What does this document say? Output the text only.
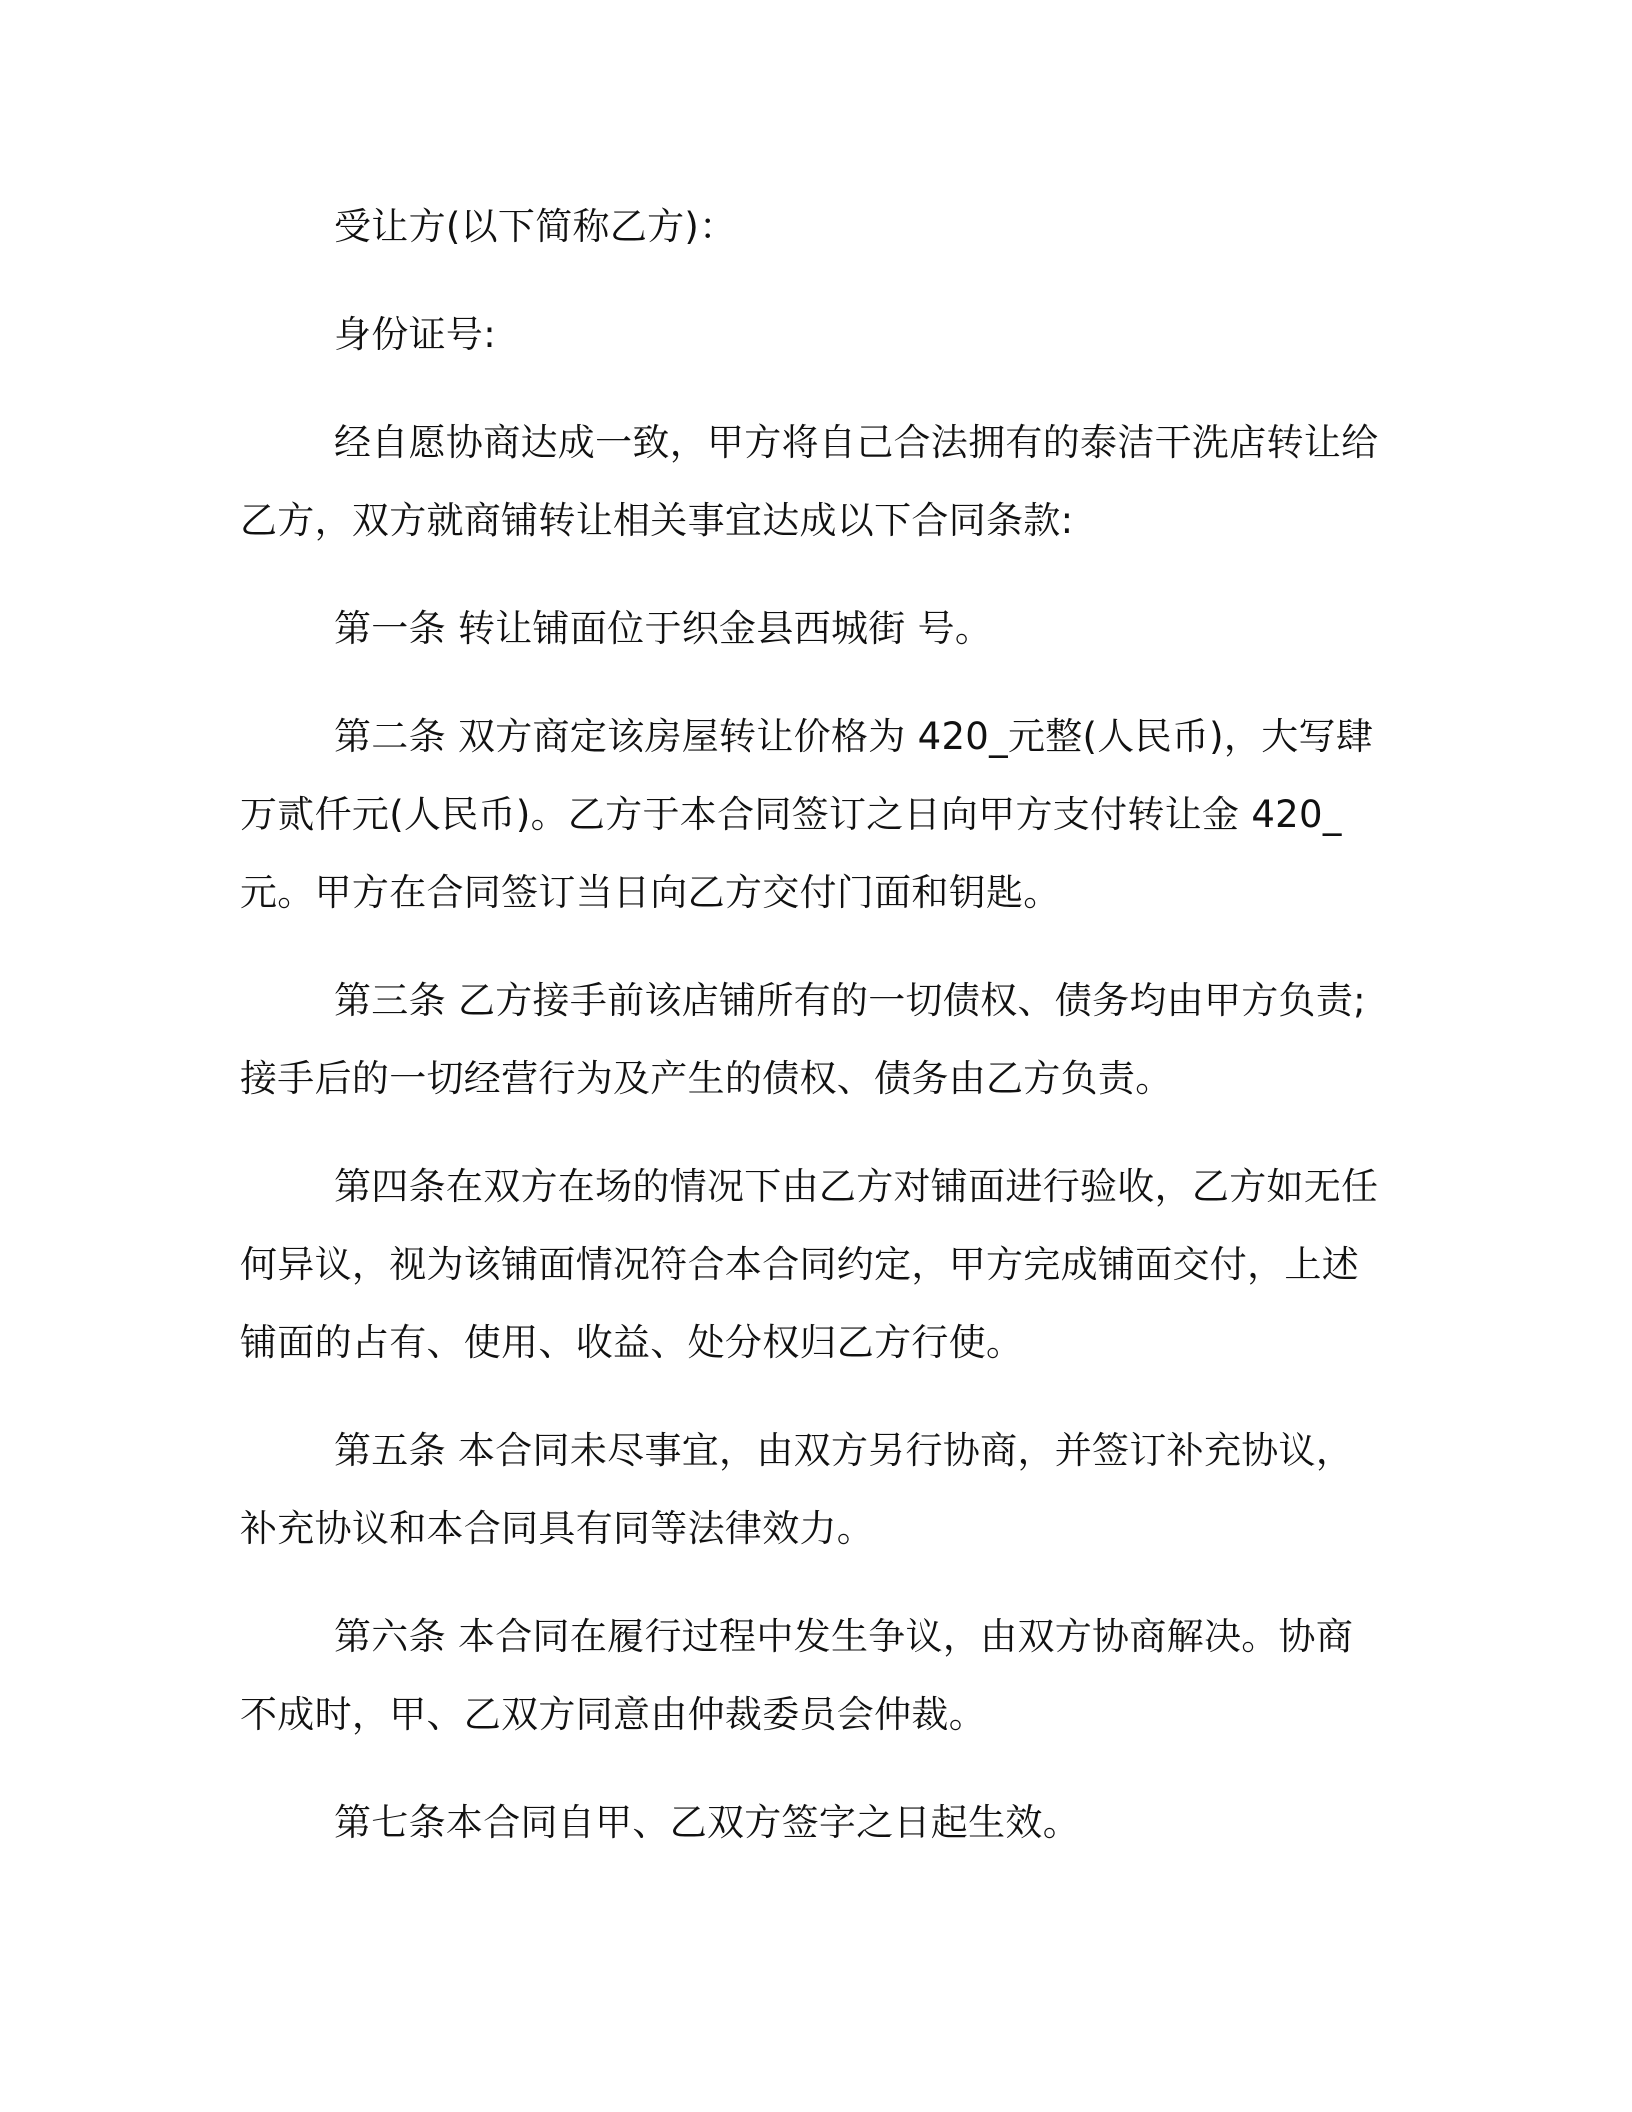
受让方(以下简称乙方)：

身份证号:

经自愿协商达成一致，甲方将自己合法拥有的泰洁干洗店转让给乙方，双方就商铺转让相关事宜达成以下合同条款:

第一条 转让铺面位于织金县西城街 号。

第二条 双方商定该房屋转让价格为 420_元整(人民币)，大写肆万贰仟元(人民币)。乙方于本合同签订之日向甲方支付转让金 420_元。甲方在合同签订当日向乙方交付门面和钥匙。

第三条 乙方接手前该店铺所有的一切债权、债务均由甲方负责;接手后的一切经营行为及产生的债权、债务由乙方负责。

第四条在双方在场的情况下由乙方对铺面进行验收，乙方如无任何异议，视为该铺面情况符合本合同约定，甲方完成铺面交付，上述铺面的占有、使用、收益、处分权归乙方行使。

第五条 本合同未尽事宜，由双方另行协商，并签订补充协议，补充协议和本合同具有同等法律效力。

第六条 本合同在履行过程中发生争议，由双方协商解决。协商不成时，甲、乙双方同意由仲裁委员会仲裁。

第七条本合同自甲、乙双方签字之日起生效。
